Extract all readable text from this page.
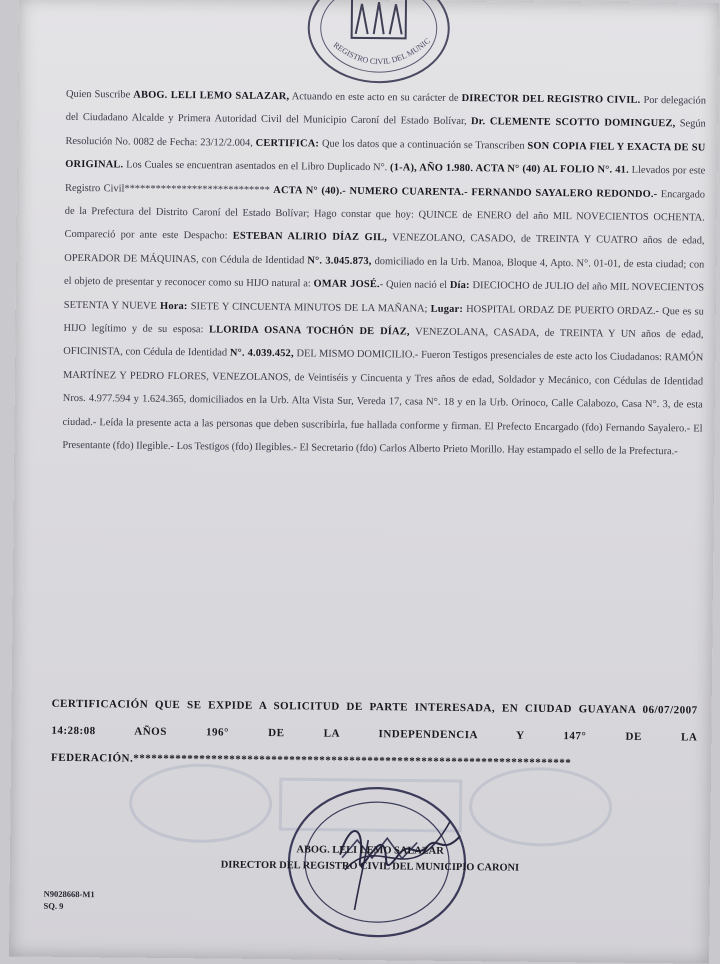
REGISTRO CIVIL DEL MUNICIPIO
Quien Suscribe ABOG. LELI LEMO SALAZAR, Actuando en este acto en su carácter de DIRECTOR DEL REGISTRO CIVIL. Por delegación del Ciudadano Alcalde y Primera Autoridad Civil del Municipio Caroní del Estado Bolívar, Dr. CLEMENTE SCOTTO DOMINGUEZ, Según Resolución No. 0082 de Fecha: 23/12/2.004, CERTIFICA: Que los datos que a continuación se Transcriben SON COPIA FIEL Y EXACTA DE SU ORIGINAL. Los Cuales se encuentran asentados en el Libro Duplicado N°. (1-A), AÑO 1.980. ACTA N° (40) AL FOLIO N°. 41. Llevados por este Registro Civil**************************** ACTA N° (40).- NUMERO CUARENTA.- FERNANDO SAYALERO REDONDO.- Encargado de la Prefectura del Distrito Caroní del Estado Bolívar; Hago constar que hoy: QUINCE de ENERO del año MIL NOVECIENTOS OCHENTA. Compareció por ante este Despacho: ESTEBAN ALIRIO DÍAZ GIL, VENEZOLANO, CASADO, de TREINTA Y CUATRO años de edad, OPERADOR DE MÁQUINAS, con Cédula de Identidad N°. 3.045.873, domiciliado en la Urb. Manoa, Bloque 4, Apto. N°. 01-01, de esta ciudad; con el objeto de presentar y reconocer como su HIJO natural a: OMAR JOSÉ.- Quien nació el Día: DIECIOCHO de JULIO del año MIL NOVECIENTOS SETENTA Y NUEVE Hora: SIETE Y CINCUENTA MINUTOS DE LA MAÑANA; Lugar: HOSPITAL ORDAZ DE PUERTO ORDAZ.- Que es su HIJO legítimo y de su esposa: LLORIDA OSANA TOCHÓN DE DÍAZ, VENEZOLANA, CASADA, de TREINTA Y UN años de edad, OFICINISTA, con Cédula de Identidad N°. 4.039.452, DEL MISMO DOMICILIO.- Fueron Testigos presenciales de este acto los Ciudadanos: RAMÓN MARTÍNEZ Y PEDRO FLORES, VENEZOLANOS, de Veintiséis y Cincuenta y Tres años de edad, Soldador y Mecánico, con Cédulas de Identidad Nros. 4.977.594 y 1.624.365, domiciliados en la Urb. Alta Vista Sur, Vereda 17, casa N°. 18 y en la Urb. Orinoco, Calle Calabozo, Casa N°. 3, de esta ciudad.- Leída la presente acta a las personas que deben suscribirla, fue hallada conforme y firman. El Prefecto Encargado (fdo) Fernando Sayalero.- El Presentante (fdo) Ilegible.- Los Testigos (fdo) Ilegibles.- El Secretario (fdo) Carlos Alberto Prieto Morillo. Hay estampado el sello de la Prefectura.-
CERTIFICACIÓN QUE SE EXPIDE A SOLICITUD DE PARTE INTERESADA, EN CIUDAD GUAYANA 06/07/2007 14:28:08 AÑOS 196° DE LA INDEPENDENCIA Y 147° DE LA FEDERACIÓN.*************************************************************************
ABOG. LELI LEMO SALAZAR
DIRECTOR DEL REGISTRO CIVIL DEL MUNICIPIO CARONI
N9028668-M1
SQ. 9
